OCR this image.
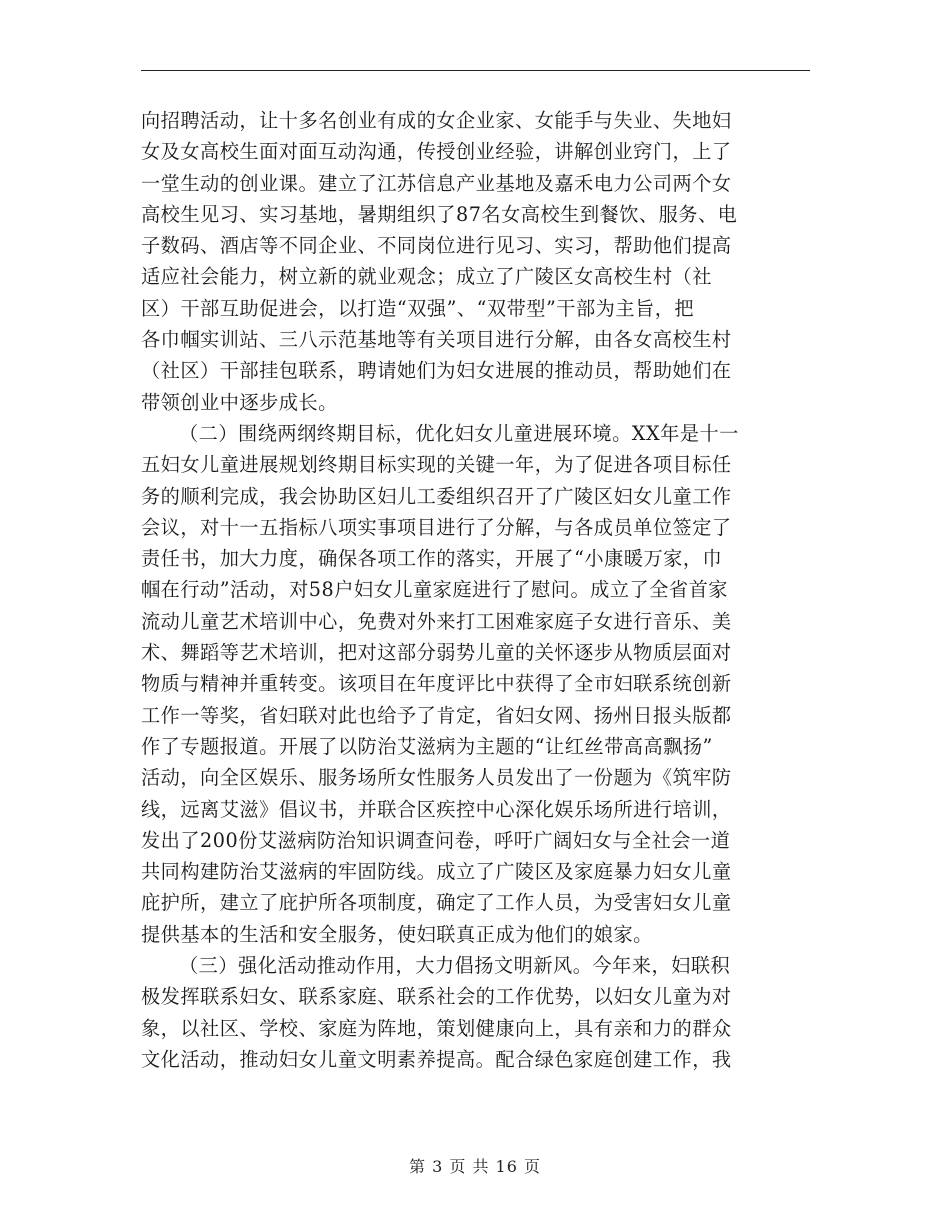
向招聘活动，让十多名创业有成的女企业家、女能手与失业、失地妇
女及女高校生面对面互动沟通，传授创业经验，讲解创业窍门，上了
一堂生动的创业课。建立了江苏信息产业基地及嘉禾电力公司两个女
高校生见习、实习基地，暑期组织了87名女高校生到餐饮、服务、电
子数码、酒店等不同企业、不同岗位进行见习、实习，帮助他们提高
适应社会能力，树立新的就业观念；成立了广陵区女高校生村（社
区）干部互助促进会，以打造“双强”、“双带型”干部为主旨，把
各巾帼实训站、三八示范基地等有关项目进行分解，由各女高校生村
（社区）干部挂包联系，聘请她们为妇女进展的推动员，帮助她们在
带领创业中逐步成长。
（二）围绕两纲终期目标，优化妇女儿童进展环境。XX年是十一
五妇女儿童进展规划终期目标实现的关键一年，为了促进各项目标任
务的顺利完成，我会协助区妇儿工委组织召开了广陵区妇女儿童工作
会议，对十一五指标八项实事项目进行了分解，与各成员单位签定了
责任书，加大力度，确保各项工作的落实，开展了“小康暖万家，巾
帼在行动”活动，对58户妇女儿童家庭进行了慰问。成立了全省首家
流动儿童艺术培训中心，免费对外来打工困难家庭子女进行音乐、美
术、舞蹈等艺术培训，把对这部分弱势儿童的关怀逐步从物质层面对
物质与精神并重转变。该项目在年度评比中获得了全市妇联系统创新
工作一等奖，省妇联对此也给予了肯定，省妇女网、扬州日报头版都
作了专题报道。开展了以防治艾滋病为主题的“让红丝带高高飘扬”
活动，向全区娱乐、服务场所女性服务人员发出了一份题为《筑牢防
线，远离艾滋》倡议书，并联合区疾控中心深化娱乐场所进行培训，
发出了200份艾滋病防治知识调查问卷，呼吁广阔妇女与全社会一道
共同构建防治艾滋病的牢固防线。成立了广陵区及家庭暴力妇女儿童
庇护所，建立了庇护所各项制度，确定了工作人员，为受害妇女儿童
提供基本的生活和安全服务，使妇联真正成为他们的娘家。
（三）强化活动推动作用，大力倡扬文明新风。今年来，妇联积
极发挥联系妇女、联系家庭、联系社会的工作优势，以妇女儿童为对
象，以社区、学校、家庭为阵地，策划健康向上，具有亲和力的群众
文化活动，推动妇女儿童文明素养提高。配合绿色家庭创建工作，我
第 3 页 共 16 页
